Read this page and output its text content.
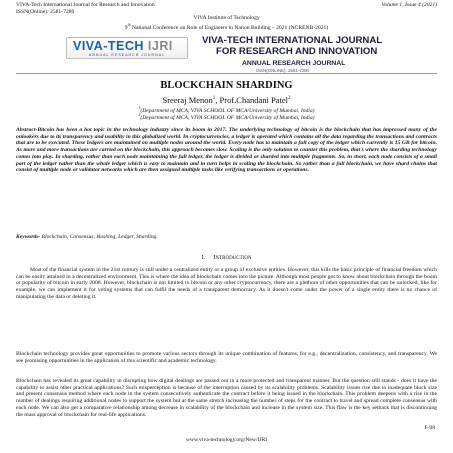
VIVA-Tech International Journal for Research and Innovation
ISSN(Online): 2581-7280
Volume 1, Issue 4 (2021)
VIVA Institute of Technology
9th National Conference on Role of Engineers in Nation Building – 2021 (NCRENB-2021)
VIVA-TECH IJRI
ANNUAL RESEARCH JOURNAL
VIVA-TECH INTERNATIONAL JOURNAL
FOR RESEARCH AND INNOVATION
ANNUAL RESEARCH JOURNAL
ISSN(ONLINE): 2581-7280
BLOCKCHAIN SHARDING
Sreeraj Menon$^1$, Prof.Chandani Patel$^2$
$^1$(Department of MCA, VIVA SCHOOL OF MCA/University of Mumbai, India)
$^2$(Department of MCA, VIVA SCHOOL OF MCA/University of Mumbai, India)
Abstract-Bitcoin has been a hot topic in the technology industry since its boom in 2017. The underlying technology of bitcoin is the blockchain that has impressed many of the onlookers due to its transparency and usability in this globalized world. In cryptocurrencies, a ledger is operated which contains all the data regarding the transactions and contracts that are to be executed. These ledgers are maintained on multiple nodes around the world. Every node has to maintain a full copy of the ledger which currently is 15 GB for bitcoin. As more and more transactions are carried on the blockchain, this approach becomes slow. Scaling is the only solution to counter this problem, that's where the sharding technology comes into play. In sharding, rather than each node maintaining the full ledger, the ledger is divided or sharded into multiple fragments. So, in short, each node consists of a small part of the ledger rather than the whole ledger which is easy to maintain and in turn helps in scaling the blockchain. So rather than a full blockchain, we have shard chains that consist of multiple node or validator networks which are then assigned multiple tasks like verifying transactions or operations.
Keywords- Blockchain, Consensus, Hashing, Ledger, Sharding.
I. INTRODUCTION
Most of the financial system in the 21st century is still under a centralized entity or a group of exclusive entities. However, this kills the basic principle of financial freedom which can be easily attained in a decentralized environment. This is where the idea of blockchain comes into the picture. Although most people got to know about blockchain through the boom or popularity of bitcoin in early 2008. However, blockchain is not limited to bitcoin or any other cryptocurrency, there are a plethora of other opportunities that can be unlocked, like for example, we can implement it for voting systems that can fulfil the needs of a transparent democracy. As it doesn't come under the power of a single entity there is no chance of manipulating the data or deleting it.
Blockchain technology provides great opportunities to promote various sectors through its unique combination of features, for e.g., decentralization, consistency, and transparency. We see promising opportunities in the application of this scientific and academic technology.
Blockchain has revealed its great capability in disrupting how digital dealings are passed out in a more protected and transparent manner. But the question still stands - does it have the capability to assist other practical applications? Such misperception is because of the interruption caused by its scalability problems. Scalability issues rise due to inadequate block size and present consensus method where each node in the system consecutively authenticate the contract before it being issued in the blockchain. This problem deepens with a rise in the number of dealings requiring additional nodes to support the system but at the same stretch increasing the number of steps for the contract to travel and spread complete consensus with each node. We can also get a comparative relationship among decrease in scalability of the blockchain and increase in the system size. This flaw is the key setback that is discontinuing the mass approval of blockchain for real-life applications.
F-98
www.viva-technology.org/New/IJRI
